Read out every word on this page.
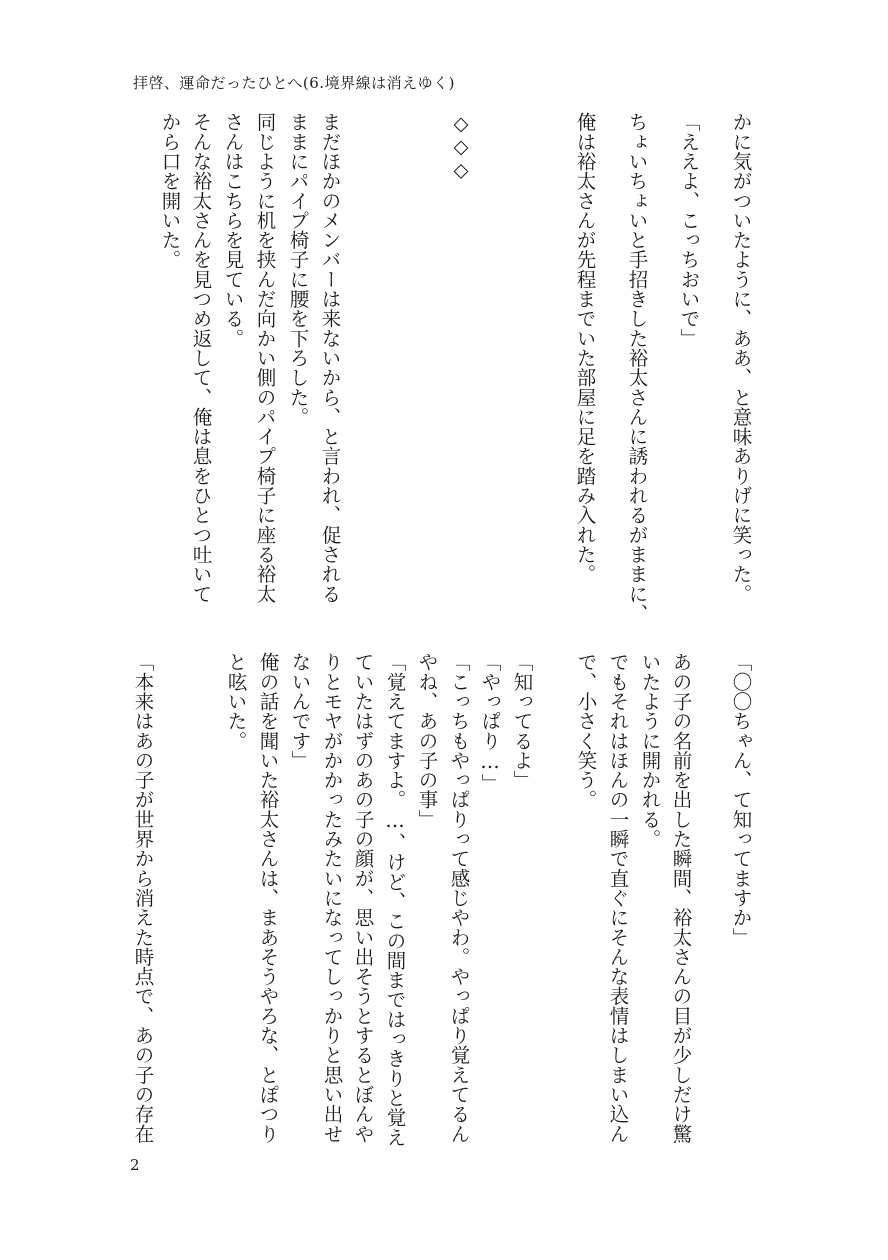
拝啓、運命だったひとへ(6.境界線は消えゆく)
かに気がついたように、ああ、と意味ありげに笑った。
「ええよ、こっちおいで」
ちょいちょいと手招きした裕太さんに誘われるがままに、
俺は裕太さんが先程までいた部屋に足を踏み入れた。
◇◇◇
まだほかのメンバーは来ないから、と言われ、促される
ままにパイプ椅子に腰を下ろした。
同じように机を挟んだ向かい側のパイプ椅子に座る裕太
さんはこちらを見ている。
そんな裕太さんを見つめ返して、俺は息をひとつ吐いて
から口を開いた。
「〇〇ちゃん、て知ってますか」
あの子の名前を出した瞬間、裕太さんの目が少しだけ驚
いたように開かれる。
でもそれはほんの一瞬で直ぐにそんな表情はしまい込ん
で、小さく笑う。
「知ってるよ」
「やっぱり…」
「こっちもやっぱりって感じやわ。やっぱり覚えてるん
やね、あの子の事」
「覚えてますよ。…、けど、この間まではっきりと覚え
ていたはずのあの子の顔が、思い出そうとするとぼんや
りとモヤがかかったみたいになってしっかりと思い出せ
ないんです」
俺の話を聞いた裕太さんは、まあそうやろな、とぽつり
と呟いた。
「本来はあの子が世界から消えた時点で、あの子の存在
2
